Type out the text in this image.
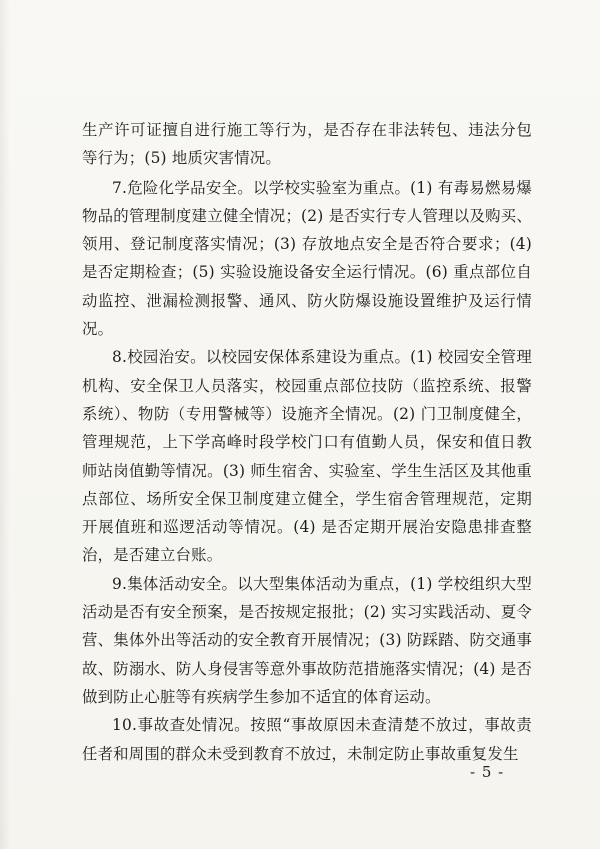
生产许可证擅自进行施工等行为，是否存在非法转包、违法分包等行为；(5) 地质灾害情况。

7.危险化学品安全。以学校实验室为重点。(1) 有毒易燃易爆物品的管理制度建立健全情况；(2) 是否实行专人管理以及购买、领用、登记制度落实情况；(3) 存放地点安全是否符合要求；(4) 是否定期检查；(5) 实验设施设备安全运行情况。(6) 重点部位自动监控、泄漏检测报警、通风、防火防爆设施设置维护及运行情况。

8.校园治安。以校园安保体系建设为重点。(1) 校园安全管理机构、安全保卫人员落实，校园重点部位技防（监控系统、报警系统）、物防（专用警械等）设施齐全情况。(2) 门卫制度健全，管理规范，上下学高峰时段学校门口有值勤人员，保安和值日教师站岗值勤等情况。(3) 师生宿舍、实验室、学生生活区及其他重点部位、场所安全保卫制度建立健全，学生宿舍管理规范，定期开展值班和巡逻活动等情况。(4) 是否定期开展治安隐患排查整治，是否建立台账。

9.集体活动安全。以大型集体活动为重点，(1) 学校组织大型活动是否有安全预案，是否按规定报批；(2) 实习实践活动、夏令营、集体外出等活动的安全教育开展情况；(3) 防踩踏、防交通事故、防溺水、防人身侵害等意外事故防范措施落实情况；(4) 是否做到防止心脏等有疾病学生参加不适宜的体育运动。

10.事故查处情况。按照“事故原因未查清楚不放过，事故责任者和周围的群众未受到教育不放过，未制定防止事故重复发生

- 5 -
